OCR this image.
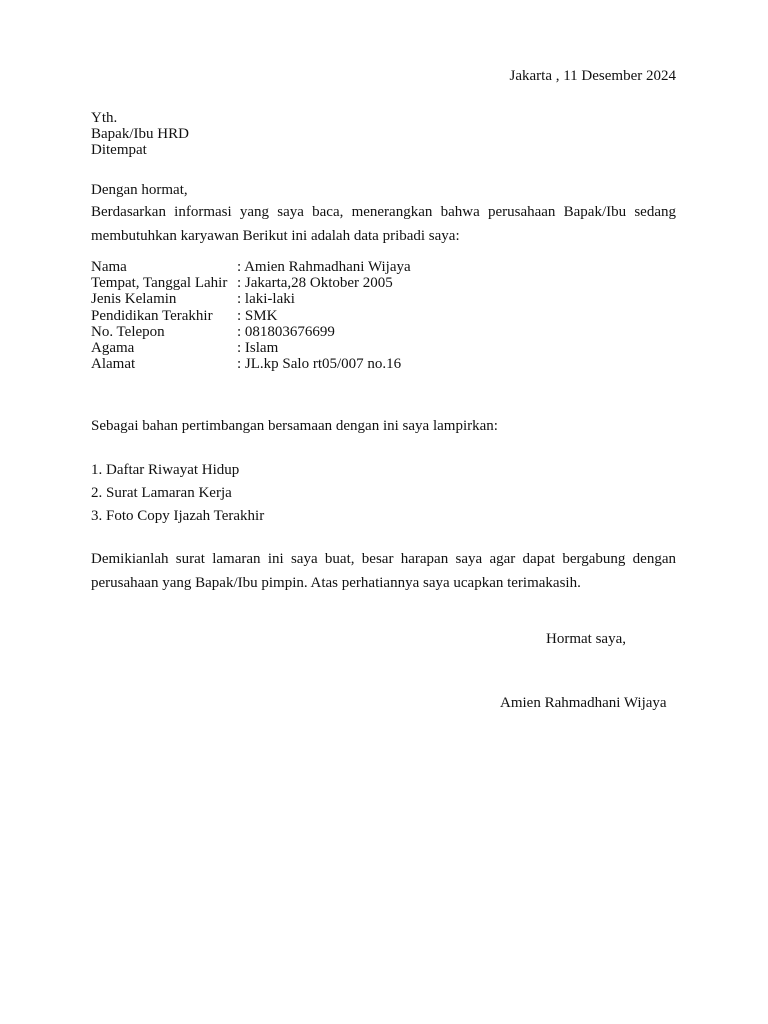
Jakarta , 11 Desember 2024
Yth.
Bapak/Ibu HRD
Ditempat
Dengan hormat,
Berdasarkan informasi yang saya baca, menerangkan bahwa perusahaan Bapak/Ibu sedang
membutuhkan karyawan Berikut ini adalah data pribadi saya:
Nama	: Amien Rahmadhani Wijaya
Tempat, Tanggal Lahir : Jakarta,28 Oktober 2005
Jenis Kelamin	: laki-laki
Pendidikan Terakhir : SMK
No. Telepon	: 081803676699
Agama	: Islam
Alamat	: JL.kp Salo rt05/007 no.16
Sebagai bahan pertimbangan bersamaan dengan ini saya lampirkan:
1. Daftar Riwayat Hidup
2. Surat Lamaran Kerja
3. Foto Copy Ijazah Terakhir
Demikianlah surat lamaran ini saya buat, besar harapan saya agar dapat bergabung dengan
perusahaan yang Bapak/Ibu pimpin. Atas perhatiannya saya ucapkan terimakasih.
Hormat saya,
Amien Rahmadhani Wijaya
